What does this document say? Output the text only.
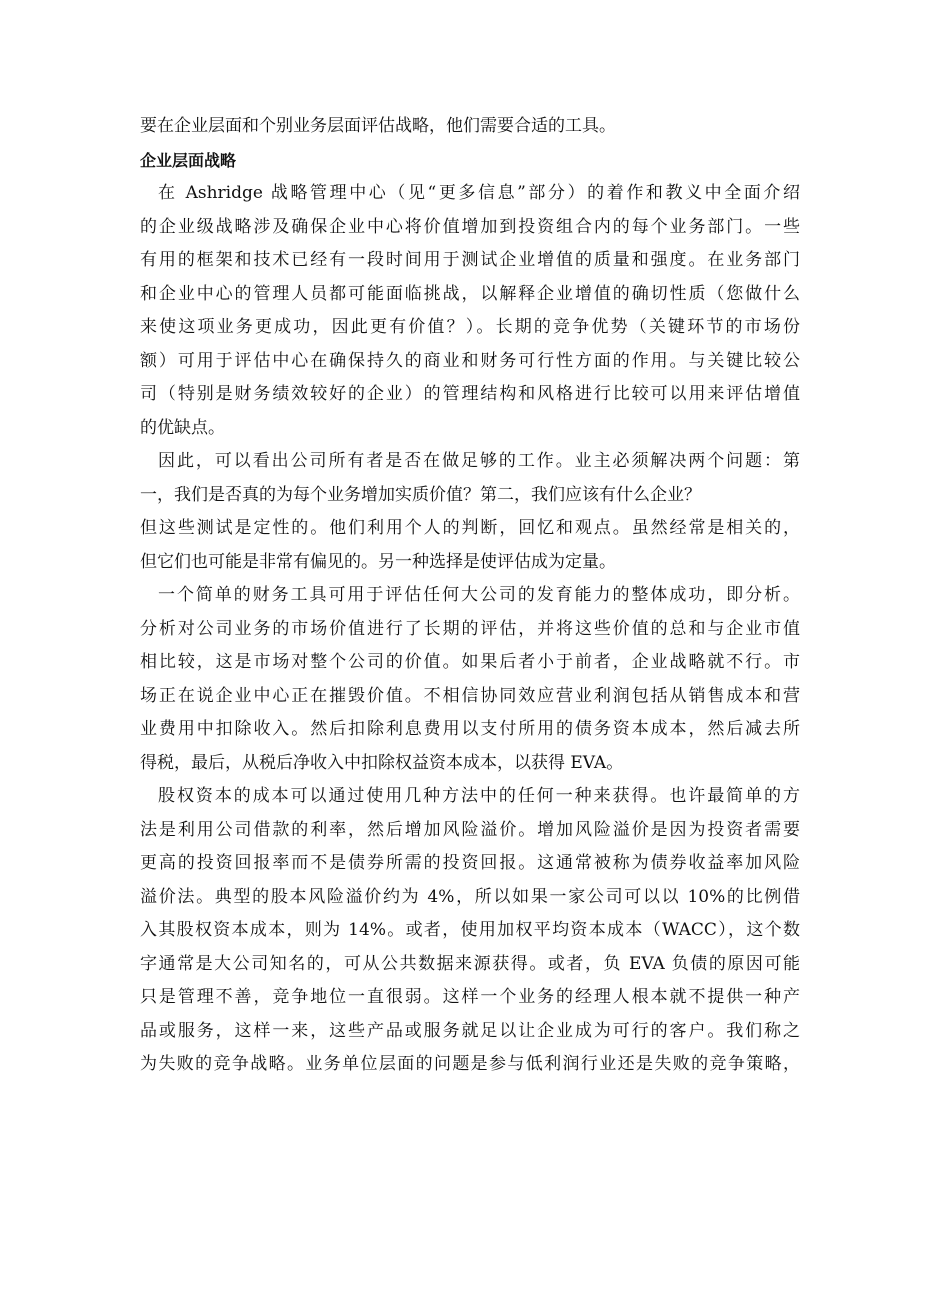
要在企业层面和个别业务层面评估战略，他们需要合适的工具。
企业层面战略
在 Ashridge 战略管理中心（见“更多信息”部分）的着作和教义中全面介绍
的企业级战略涉及确保企业中心将价值增加到投资组合内的每个业务部门。一些
有用的框架和技术已经有一段时间用于测试企业增值的质量和强度。在业务部门
和企业中心的管理人员都可能面临挑战，以解释企业增值的确切性质（您做什么
来使这项业务更成功，因此更有价值？）。长期的竞争优势（关键环节的市场份
额）可用于评估中心在确保持久的商业和财务可行性方面的作用。与关键比较公
司（特别是财务绩效较好的企业）的管理结构和风格进行比较可以用来评估增值
的优缺点。
因此，可以看出公司所有者是否在做足够的工作。业主必须解决两个问题：第
一，我们是否真的为每个业务增加实质价值？第二，我们应该有什么企业？
但这些测试是定性的。他们利用个人的判断，回忆和观点。虽然经常是相关的，
但它们也可能是非常有偏见的。另一种选择是使评估成为定量。
一个简单的财务工具可用于评估任何大公司的发育能力的整体成功，即分析。
分析对公司业务的市场价值进行了长期的评估，并将这些价值的总和与企业市值
相比较，这是市场对整个公司的价值。如果后者小于前者，企业战略就不行。市
场正在说企业中心正在摧毁价值。不相信协同效应营业利润包括从销售成本和营
业费用中扣除收入。然后扣除利息费用以支付所用的债务资本成本，然后减去所
得税，最后，从税后净收入中扣除权益资本成本，以获得 EVA。
股权资本的成本可以通过使用几种方法中的任何一种来获得。也许最简单的方
法是利用公司借款的利率，然后增加风险溢价。增加风险溢价是因为投资者需要
更高的投资回报率而不是债券所需的投资回报。这通常被称为债券收益率加风险
溢价法。典型的股本风险溢价约为 4%，所以如果一家公司可以以 10%的比例借
入其股权资本成本，则为 14%。或者，使用加权平均资本成本（WACC），这个数
字通常是大公司知名的，可从公共数据来源获得。或者，负 EVA 负债的原因可能
只是管理不善，竞争地位一直很弱。这样一个业务的经理人根本就不提供一种产
品或服务，这样一来，这些产品或服务就足以让企业成为可行的客户。我们称之
为失败的竞争战略。业务单位层面的问题是参与低利润行业还是失败的竞争策略，
